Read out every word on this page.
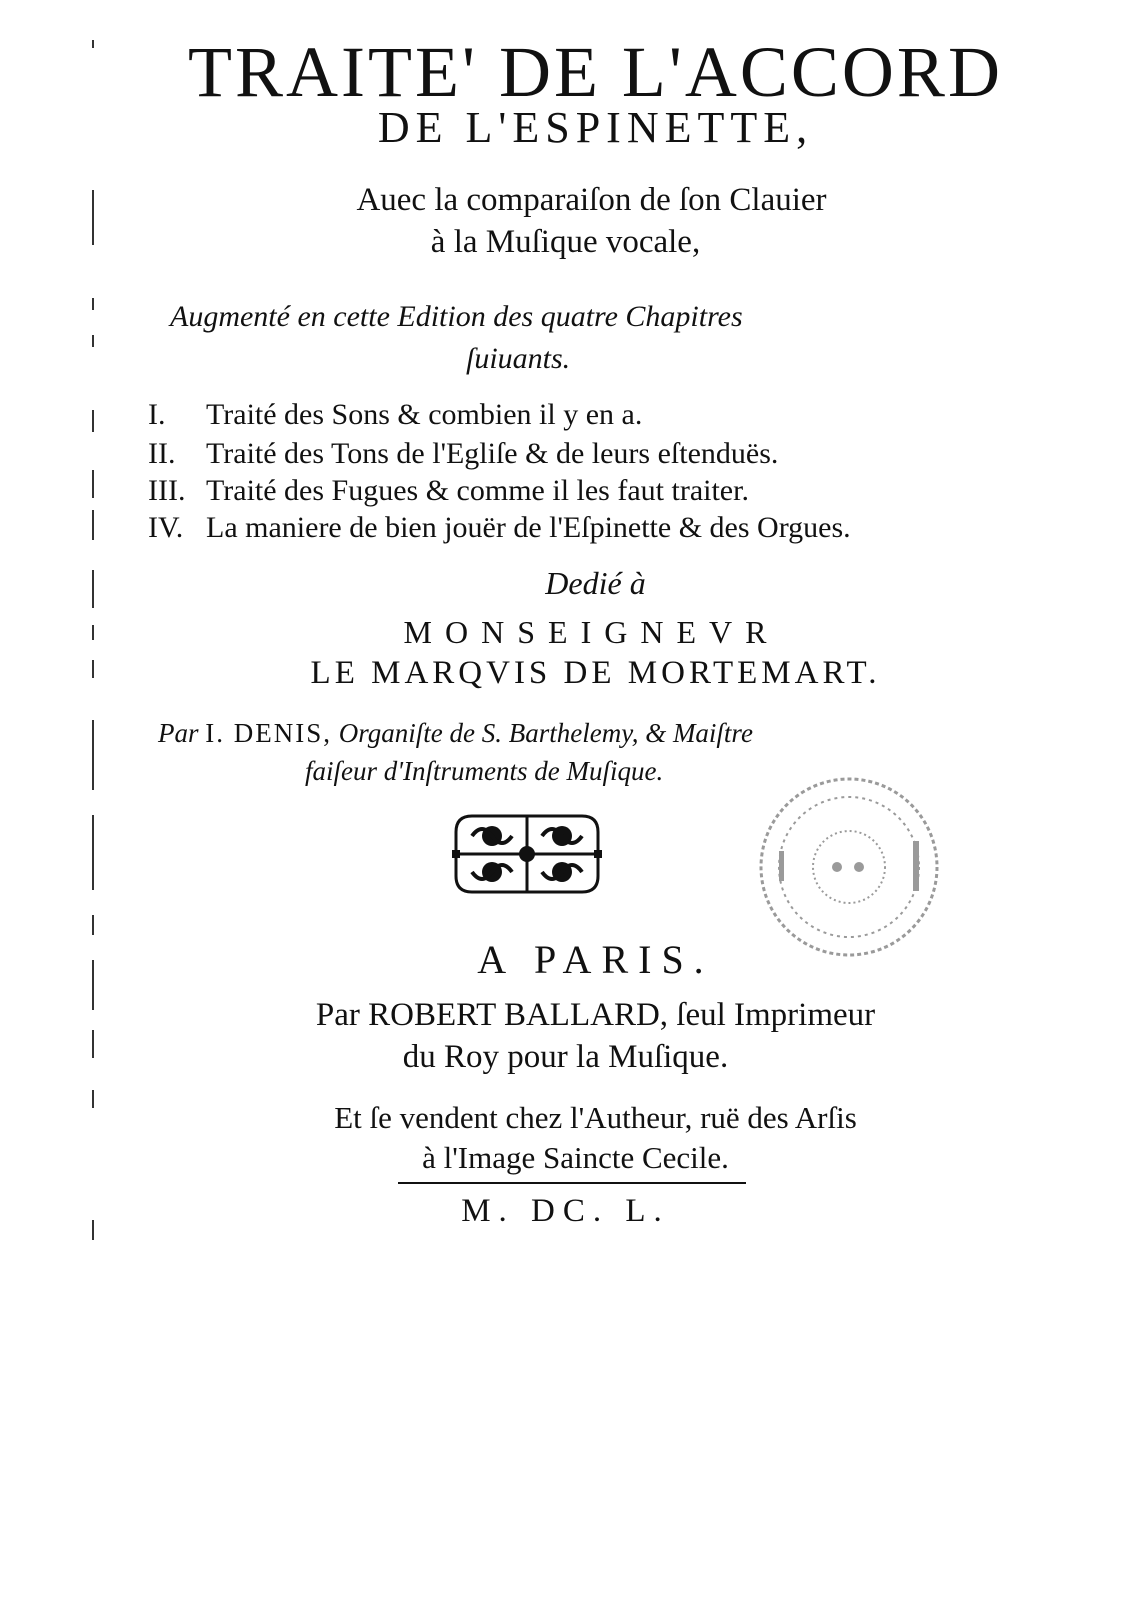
TRAITE' DE L'ACCORD
DE L'ESPINETTE,
Auec la comparaiſon de ſon Clauier
à la Muſique vocale,
Augmenté en cette Edition des quatre Chapitres
ſuiuants.
I. Traité des Sons & combien il y en a.
II. Traité des Tons de l'Egliſe & de leurs eſtenduës.
III. Traité des Fugues & comme il les faut traiter.
IV. La maniere de bien jouër de l'Eſpinette & des Orgues.
Dedié à
MONSEIGNEVR
LE MARQVIS DE MORTEMART.
Par I. DENIS, Organiſte de S. Barthelemy, & Maiſtre
faiſeur d'Inſtruments de Muſique.
A PARIS.
Par ROBERT BALLARD, ſeul Imprimeur
du Roy pour la Muſique.
Et ſe vendent chez l'Autheur, ruë des Arſis
à l'Image Saincte Cecile.
M. DC. L.
